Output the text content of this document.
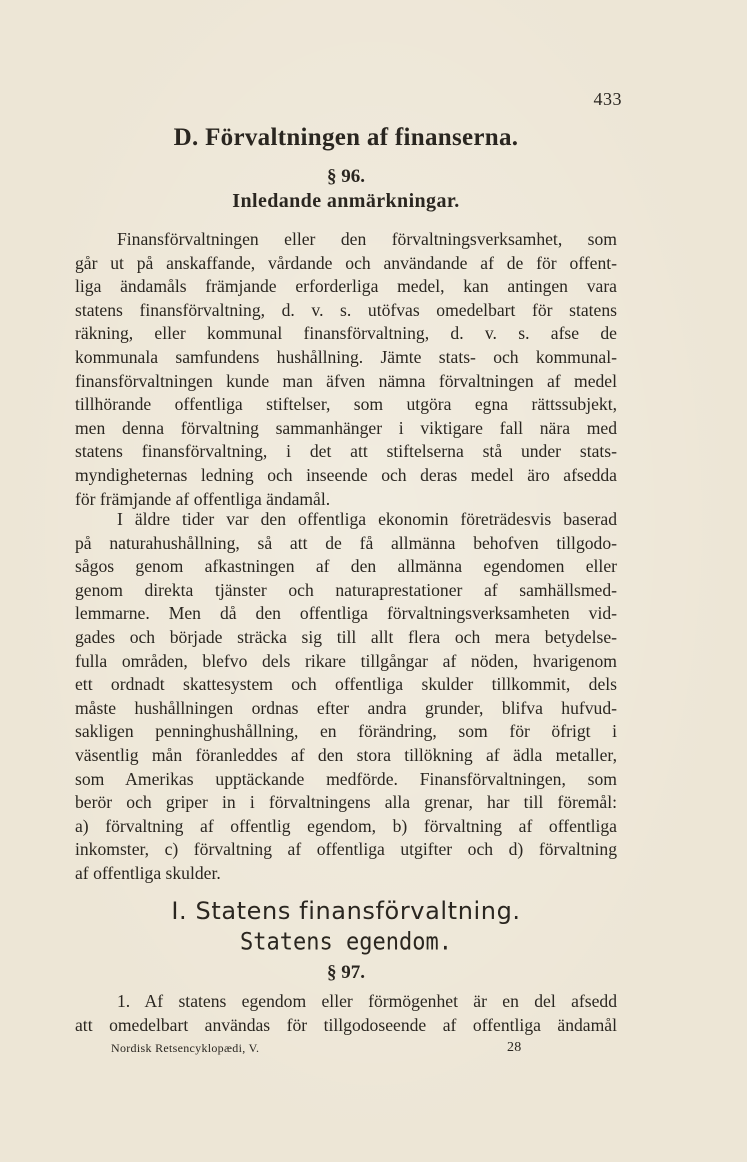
433
D. Förvaltningen af finanserna.
§ 96.
Inledande anmärkningar.
Finansförvaltningen eller den förvaltningsverksamhet, som
går ut på anskaffande, vårdande och användande af de för offent-
liga ändamåls främjande erforderliga medel, kan antingen vara
statens finansförvaltning, d. v. s. utöfvas omedelbart för statens
räkning, eller kommunal finansförvaltning, d. v. s. afse de
kommunala samfundens hushållning. Jämte stats- och kommunal-
finansförvaltningen kunde man äfven nämna förvaltningen af medel
tillhörande offentliga stiftelser, som utgöra egna rättssubjekt,
men denna förvaltning sammanhänger i viktigare fall nära med
statens finansförvaltning, i det att stiftelserna stå under stats-
myndigheternas ledning och inseende och deras medel äro afsedda
för främjande af offentliga ändamål.
I äldre tider var den offentliga ekonomin företrädesvis baserad
på naturahushållning, så att de få allmänna behofven tillgodo-
sågos genom afkastningen af den allmänna egendomen eller
genom direkta tjänster och naturaprestationer af samhällsmed-
lemmarne. Men då den offentliga förvaltningsverksamheten vid-
gades och började sträcka sig till allt flera och mera betydelse-
fulla områden, blefvo dels rikare tillgångar af nöden, hvarigenom
ett ordnadt skattesystem och offentliga skulder tillkommit, dels
måste hushållningen ordnas efter andra grunder, blifva hufvud-
sakligen penninghushållning, en förändring, som för öfrigt i
väsentlig mån föranleddes af den stora tillökning af ädla metaller,
som Amerikas upptäckande medförde. Finansförvaltningen, som
berör och griper in i förvaltningens alla grenar, har till föremål:
a) förvaltning af offentlig egendom, b) förvaltning af offentliga
inkomster, c) förvaltning af offentliga utgifter och d) förvaltning
af offentliga skulder.
I. Statens finansförvaltning.
Statens egendom.
§ 97.
1. Af statens egendom eller förmögenhet är en del afsedd
att omedelbart användas för tillgodoseende af offentliga ändamål
Nordisk Retsencyklopædi, V.	28
